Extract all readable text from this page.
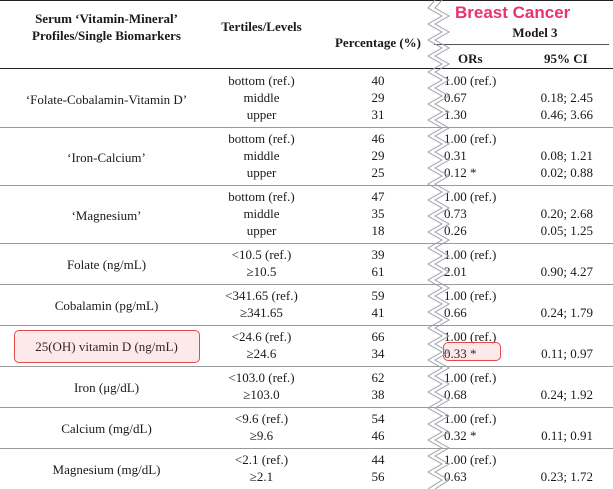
Serum ‘Vitamin-Mineral’
Profiles/Single Biomarkers
Tertiles/Levels
Percentage (%)
Breast Cancer
Model 3
ORs	95% CI
‘Folate-Cobalamin-Vitamin D’
bottom (ref.)	40	1.00 (ref.)
middle	29	0.67	0.18; 2.45
upper	31	1.30	0.46; 3.66
‘Iron-Calcium’
bottom (ref.)	46	1.00 (ref.)
middle	29	0.31	0.08; 1.21
upper	25	0.12 *	0.02; 0.88
‘Magnesium’
bottom (ref.)	47	1.00 (ref.)
middle	35	0.73	0.20; 2.68
upper	18	0.26	0.05; 1.25
Folate (ng/mL)
<10.5 (ref.)	39	1.00 (ref.)
≥10.5	61	2.01	0.90; 4.27
Cobalamin (pg/mL)
<341.65 (ref.)	59	1.00 (ref.)
≥341.65	41	0.66	0.24; 1.79
25(OH) vitamin D (ng/mL)
<24.6 (ref.)	66	1.00 (ref.)
≥24.6	34	0.33 *	0.11; 0.97
Iron (μg/dL)
<103.0 (ref.)	62	1.00 (ref.)
≥103.0	38	0.68	0.24; 1.92
Calcium (mg/dL)
<9.6 (ref.)	54	1.00 (ref.)
≥9.6	46	0.32 *	0.11; 0.91
Magnesium (mg/dL)
<2.1 (ref.)	44	1.00 (ref.)
≥2.1	56	0.63	0.23; 1.72
